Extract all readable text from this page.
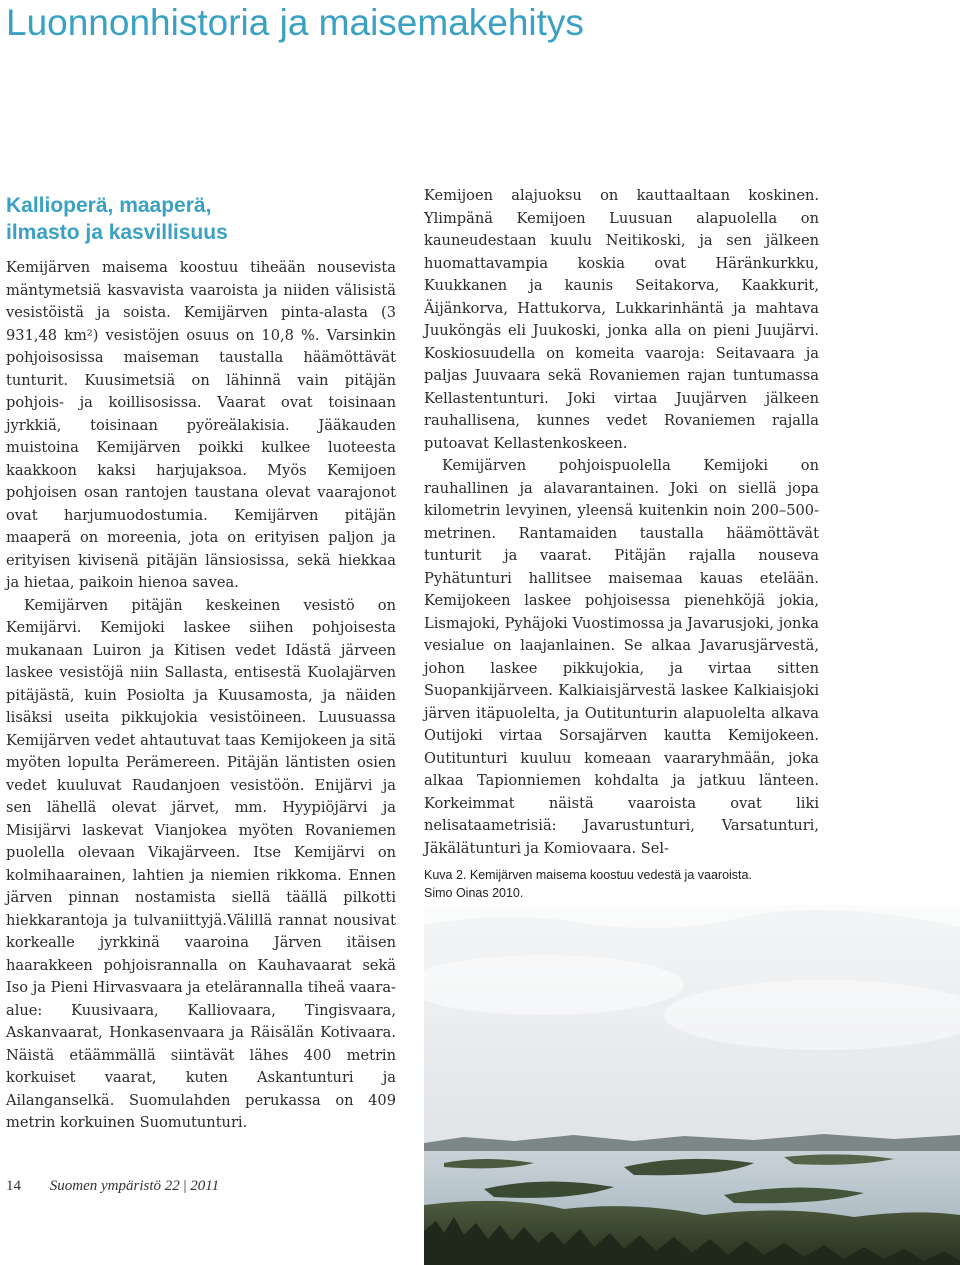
Luonnonhistoria ja maisemakehitys
Kallioperä, maaperä,
ilmasto ja kasvillisuus

Kemijärven maisema koostuu tiheään nousevista mäntymetsiä kasvavista vaaroista ja niiden välisistä vesistöistä ja soista. Kemijärven pinta-alasta (3 931,48 km²) vesistöjen osuus on 10,8 %. Varsinkin pohjoisosissa maiseman taustalla häämöttävät tunturit. Kuusimetsiä on lähinnä vain pitäjän pohjois- ja koillisosissa. Vaarat ovat toisinaan jyrkkiä, toisinaan pyöreälakisia. Jääkauden muistoina Kemijärven poikki kulkee luoteesta kaakkoon kaksi harjujaksoa. Myös Kemijoen pohjoisen osan rantojen taustana olevat vaarajonot ovat harjumuodostumia. Kemijärven pitäjän maaperä on moreenia, jota on erityisen paljon ja erityisen kivisenä pitäjän länsiosissa, sekä hiekkaa ja hietaa, paikoin hienoa savea.

Kemijärven pitäjän keskeinen vesistö on Kemijärvi. Kemijoki laskee siihen pohjoisesta mukanaan Luiron ja Kitisen vedet Idästä järveen laskee vesistöjä niin Sallasta, entisestä Kuolajärven pitäjästä, kuin Posiolta ja Kuusamosta, ja näiden lisäksi useita pikkujokia vesistöineen. Luusuassa Kemijärven vedet ahtautuvat taas Kemijokeen ja sitä myöten lopulta Perämereen. Pitäjän läntisten osien vedet kuuluvat Raudanjoen vesistöön. Enijärvi ja sen lähellä olevat järvet, mm. Hyypiöjärvi ja Misijärvi laskevat Vianjokea myöten Rovaniemen puolella olevaan Vikajärveen. Itse Kemijärvi on kolmihaarainen, lahtien ja niemien rikkoma. Ennen järven pinnan nostamista siellä täällä pilkotti hiekkarantoja ja tulvaniittyjä.Välillä rannat nousivat korkealle jyrkkinä vaaroina Järven itäisen haarakkeen pohjoisrannalla on Kauhavaarat sekä Iso ja Pieni Hirvasvaara ja etelärannalla tiheä vaara-alue: Kuusivaara, Kalliovaara, Tingisvaara, Askanvaarat, Honkasenvaara ja Räisälän Kotivaara. Näistä etäämmällä siintävät lähes 400 metrin korkuiset vaarat, kuten Askantunturi ja Ailanganselkä. Suomulahden perukassa on 409 metrin korkuinen Suomutunturi.

Kemijoen alajuoksu on kauttaaltaan koskinen. Ylimpänä Kemijoen Luusuan alapuolella on kauneudestaan kuulu Neitikoski, ja sen jälkeen huomattavampia koskia ovat Häränkurkku, Kuukkanen ja kaunis Seitakorva, Kaakkurit, Äijänkorva, Hattukorva, Lukkarinhäntä ja mahtava Juuköngäs eli Juukoski, jonka alla on pieni Juujärvi. Koskiosuudella on komeita vaaroja: Seitavaara ja paljas Juuvaara sekä Rovaniemen rajan tuntumassa Kellastentunturi. Joki virtaa Juujärven jälkeen rauhallisena, kunnes vedet Rovaniemen rajalla putoavat Kellastenkoskeen.

Kemijärven pohjoispuolella Kemijoki on rauhallinen ja alavarantainen. Joki on siellä jopa kilometrin levyinen, yleensä kuitenkin noin 200–500-metrinen. Rantamaiden taustalla häämöttävät tunturit ja vaarat. Pitäjän rajalla nouseva Pyhätunturi hallitsee maisemaa kauas etelään. Kemijokeen laskee pohjoisessa pienehköjä jokia, Lismajoki, Pyhäjoki Vuostimossa ja Javarusjoki, jonka vesialue on laajanlainen. Se alkaa Javarusjärvestä, johon laskee pikkujokia, ja virtaa sitten Suopankijärveen. Kalkiaisjärvestä laskee Kalkiaisjoki järven itäpuolelta, ja Outitunturin alapuolelta alkava Outijoki virtaa Sorsajärven kautta Kemijokeen. Outitunturi kuuluu komeaan vaararyhmään, joka alkaa Tapionniemen kohdalta ja jatkuu länteen. Korkeimmat näistä vaaroista ovat liki nelisataametrisiä: Javarustunturi, Varsatunturi, Jäkälätunturi ja Komiovaara. Sel-

Kuva 2. Kemijärven maisema koostuu vedestä ja vaaroista.
Simo Oinas 2010.
14 Suomen ympäristö 22 | 2011
